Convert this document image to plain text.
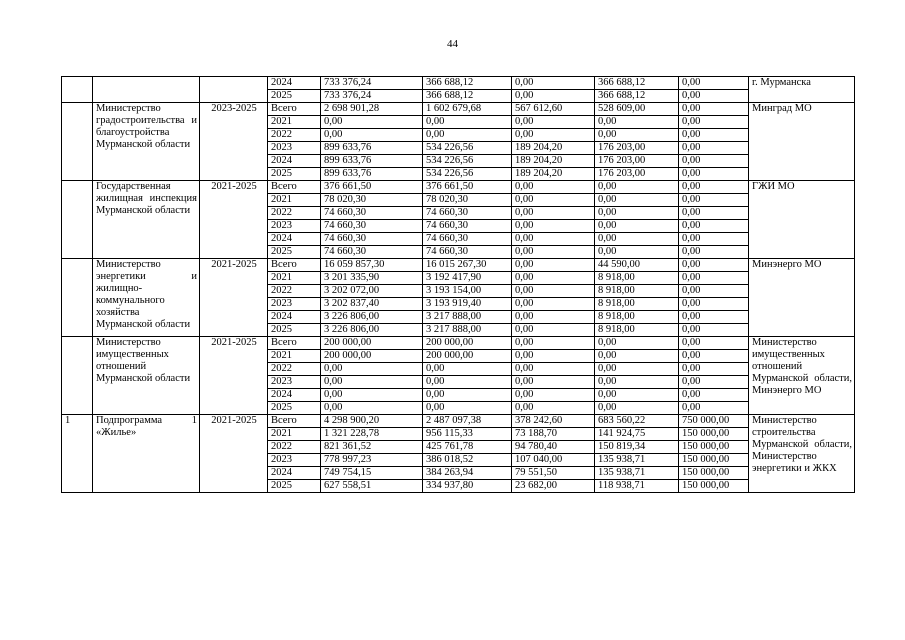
44
			2024	733 376,24	366 688,12	0,00	366 688,12	0,00	г. Мурманска
			2025	733 376,24	366 688,12	0,00	366 688,12	0,00	
	Министерство градостроительства и благоустройства Мурманской области	2023-2025	Всего	2 698 901,28	1 602 679,68	567 612,60	528 609,00	0,00	Минград МО
			2021	0,00	0,00	0,00	0,00	0,00	
			2022	0,00	0,00	0,00	0,00	0,00	
			2023	899 633,76	534 226,56	189 204,20	176 203,00	0,00	
			2024	899 633,76	534 226,56	189 204,20	176 203,00	0,00	
			2025	899 633,76	534 226,56	189 204,20	176 203,00	0,00	
	Государственная жилищная инспекция Мурманской области	2021-2025	Всего	376 661,50	376 661,50	0,00	0,00	0,00	ГЖИ МО
			2021	78 020,30	78 020,30	0,00	0,00	0,00	
			2022	74 660,30	74 660,30	0,00	0,00	0,00	
			2023	74 660,30	74 660,30	0,00	0,00	0,00	
			2024	74 660,30	74 660,30	0,00	0,00	0,00	
			2025	74 660,30	74 660,30	0,00	0,00	0,00	
	Министерство энергетики и жилищно-коммунального хозяйства Мурманской области	2021-2025	Всего	16 059 857,30	16 015 267,30	0,00	44 590,00	0,00	Минэнерго МО
			2021	3 201 335,90	3 192 417,90	0,00	8 918,00	0,00	
			2022	3 202 072,00	3 193 154,00	0,00	8 918,00	0,00	
			2023	3 202 837,40	3 193 919,40	0,00	8 918,00	0,00	
			2024	3 226 806,00	3 217 888,00	0,00	8 918,00	0,00	
			2025	3 226 806,00	3 217 888,00	0,00	8 918,00	0,00	
	Министерство имущественных отношений Мурманской области	2021-2025	Всего	200 000,00	200 000,00	0,00	0,00	0,00	Министерство имущественных отношений Мурманской области, Минэнерго МО
			2021	200 000,00	200 000,00	0,00	0,00	0,00	
			2022	0,00	0,00	0,00	0,00	0,00	
			2023	0,00	0,00	0,00	0,00	0,00	
			2024	0,00	0,00	0,00	0,00	0,00	
			2025	0,00	0,00	0,00	0,00	0,00	
1	Подпрограмма 1 «Жилье»	2021-2025	Всего	4 298 900,20	2 487 097,38	378 242,60	683 560,22	750 000,00	Министерство строительства Мурманской области, Министерство энергетики и ЖКХ
			2021	1 321 228,78	956 115,33	73 188,70	141 924,75	150 000,00	
			2022	821 361,52	425 761,78	94 780,40	150 819,34	150 000,00	
			2023	778 997,23	386 018,52	107 040,00	135 938,71	150 000,00	
			2024	749 754,15	384 263,94	79 551,50	135 938,71	150 000,00	
			2025	627 558,51	334 937,80	23 682,00	118 938,71	150 000,00	
